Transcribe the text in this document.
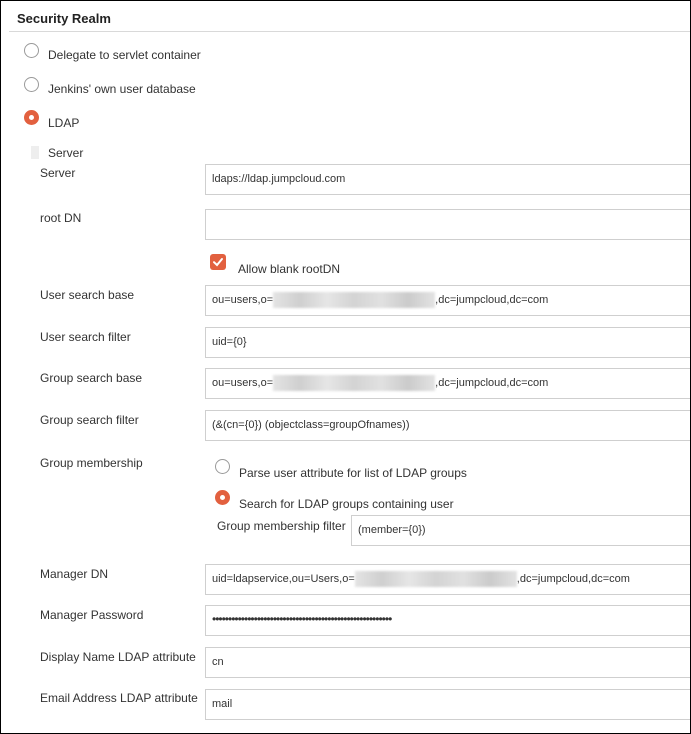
Security Realm
Delegate to servlet container
Jenkins' own user database
LDAP
Server
Server	ldaps://ldap.jumpcloud.com
root DN
Allow blank rootDN
User search base	ou=users,o=	,dc=jumpcloud,dc=com
User search filter	uid={0}
Group search base	ou=users,o=	,dc=jumpcloud,dc=com
Group search filter	(&(cn={0}) (objectclass=groupOfnames))
Group membership
Parse user attribute for list of LDAP groups
Search for LDAP groups containing user
Group membership filter	(member={0})
Manager DN	uid=ldapservice,ou=Users,o=	,dc=jumpcloud,dc=com
Manager Password	••••••••••••••••••••••••••••••••••••••••••••••••••••••••
Display Name LDAP attribute	cn
Email Address LDAP attribute	mail
